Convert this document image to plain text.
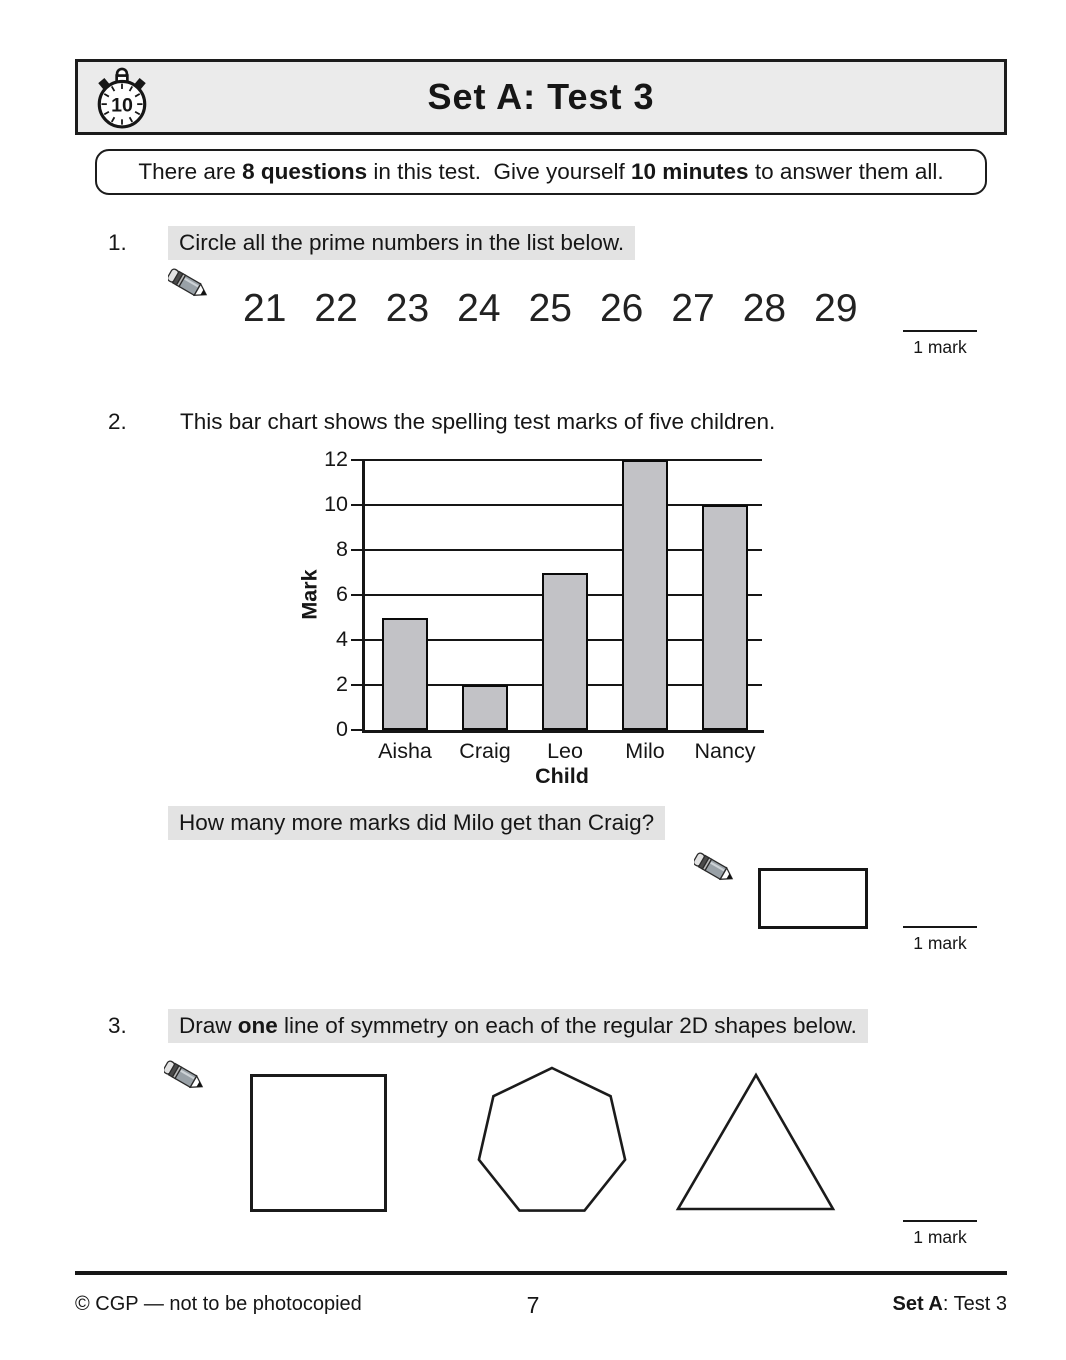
10	Set A: Test 3
There are 8 questions in this test.  Give yourself 10 minutes to answer them all.
1.	Circle all the prime numbers in the list below.
21 22 23 24 25 26 27 28 29
1 mark
2. This bar chart shows the spelling test marks of five children.
0
2
4
6
8
10
12
Aisha	Craig	Leo	Milo	Nancy
Child
Mark
How many more marks did Milo get than Craig?
1 mark
3.	Draw one line of symmetry on each of the regular 2D shapes below.
1 mark
© CGP — not to be photocopied	7	Set A: Test 3
